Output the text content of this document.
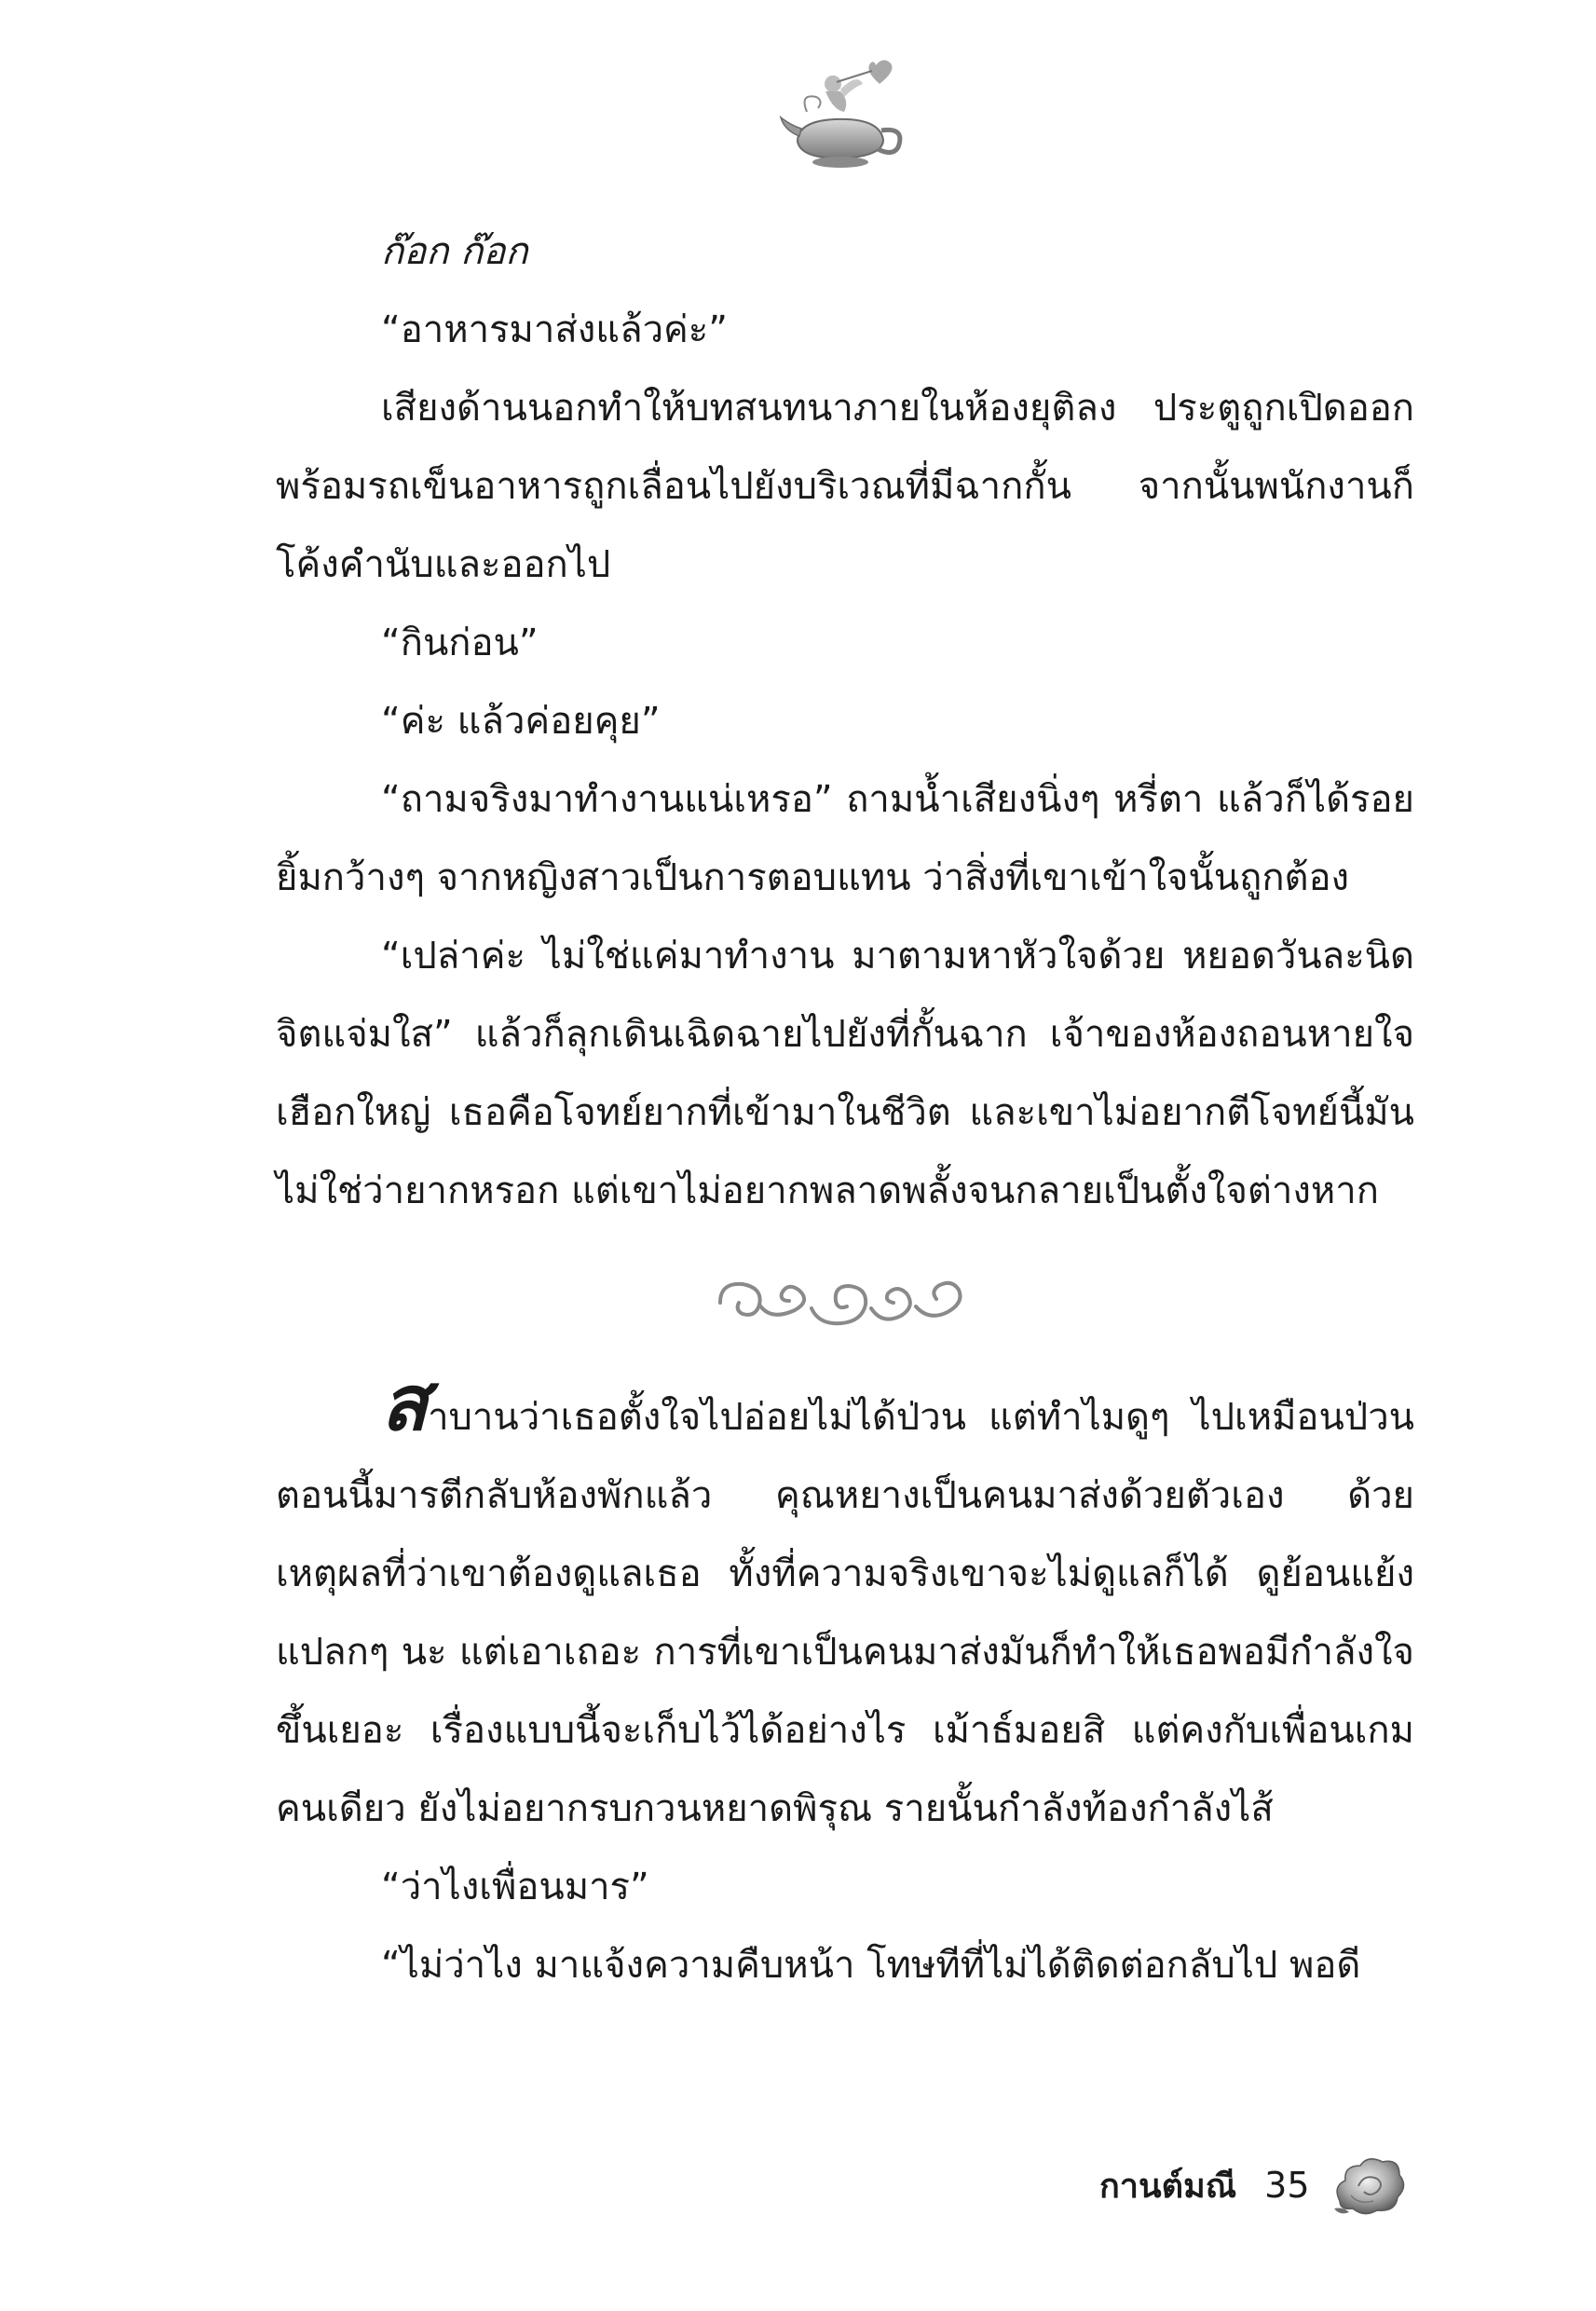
ก๊อก ก๊อก

“อาหารมาส่งแล้วค่ะ”

เสียงด้านนอกทำให้บทสนทนาภายในห้องยุติลง ประตูถูกเปิดออก พร้อมรถเข็นอาหารถูกเลื่อนไปยังบริเวณที่มีฉากกั้น จากนั้นพนักงานก็โค้งคำนับและออกไป

“กินก่อน”

“ค่ะ แล้วค่อยคุย”

“ถามจริงมาทำงานแน่เหรอ” ถามน้ำเสียงนิ่งๆ หรี่ตา แล้วก็ได้รอยยิ้มกว้างๆ จากหญิงสาวเป็นการตอบแทน ว่าสิ่งที่เขาเข้าใจนั้นถูกต้อง

“เปล่าค่ะ ไม่ใช่แค่มาทำงาน มาตามหาหัวใจด้วย หยอดวันละนิดจิตแจ่มใส” แล้วก็ลุกเดินเฉิดฉายไปยังที่กั้นฉาก เจ้าของห้องถอนหายใจเฮือกใหญ่ เธอคือโจทย์ยากที่เข้ามาในชีวิต และเขาไม่อยากตีโจทย์นี้มันไม่ใช่ว่ายากหรอก แต่เขาไม่อยากพลาดพลั้งจนกลายเป็นตั้งใจต่างหาก

สาบานว่าเธอตั้งใจไปอ่อยไม่ได้ป่วน แต่ทำไมดูๆ ไปเหมือนป่วนตอนนี้มารตีกลับห้องพักแล้ว คุณหยางเป็นคนมาส่งด้วยตัวเอง ด้วยเหตุผลที่ว่าเขาต้องดูแลเธอ ทั้งที่ความจริงเขาจะไม่ดูแลก็ได้ ดูย้อนแย้งแปลกๆ นะ แต่เอาเถอะ การที่เขาเป็นคนมาส่งมันก็ทำให้เธอพอมีกำลังใจขึ้นเยอะ เรื่องแบบนี้จะเก็บไว้ได้อย่างไร เม้าธ์มอยสิ แต่คงกับเพื่อนเกมคนเดียว ยังไม่อยากรบกวนหยาดพิรุณ รายนั้นกำลังท้องกำลังไส้

“ว่าไงเพื่อนมาร”

“ไม่ว่าไง มาแจ้งความคืบหน้า โทษทีที่ไม่ได้ติดต่อกลับไป พอดี

กานต์มณี 35
